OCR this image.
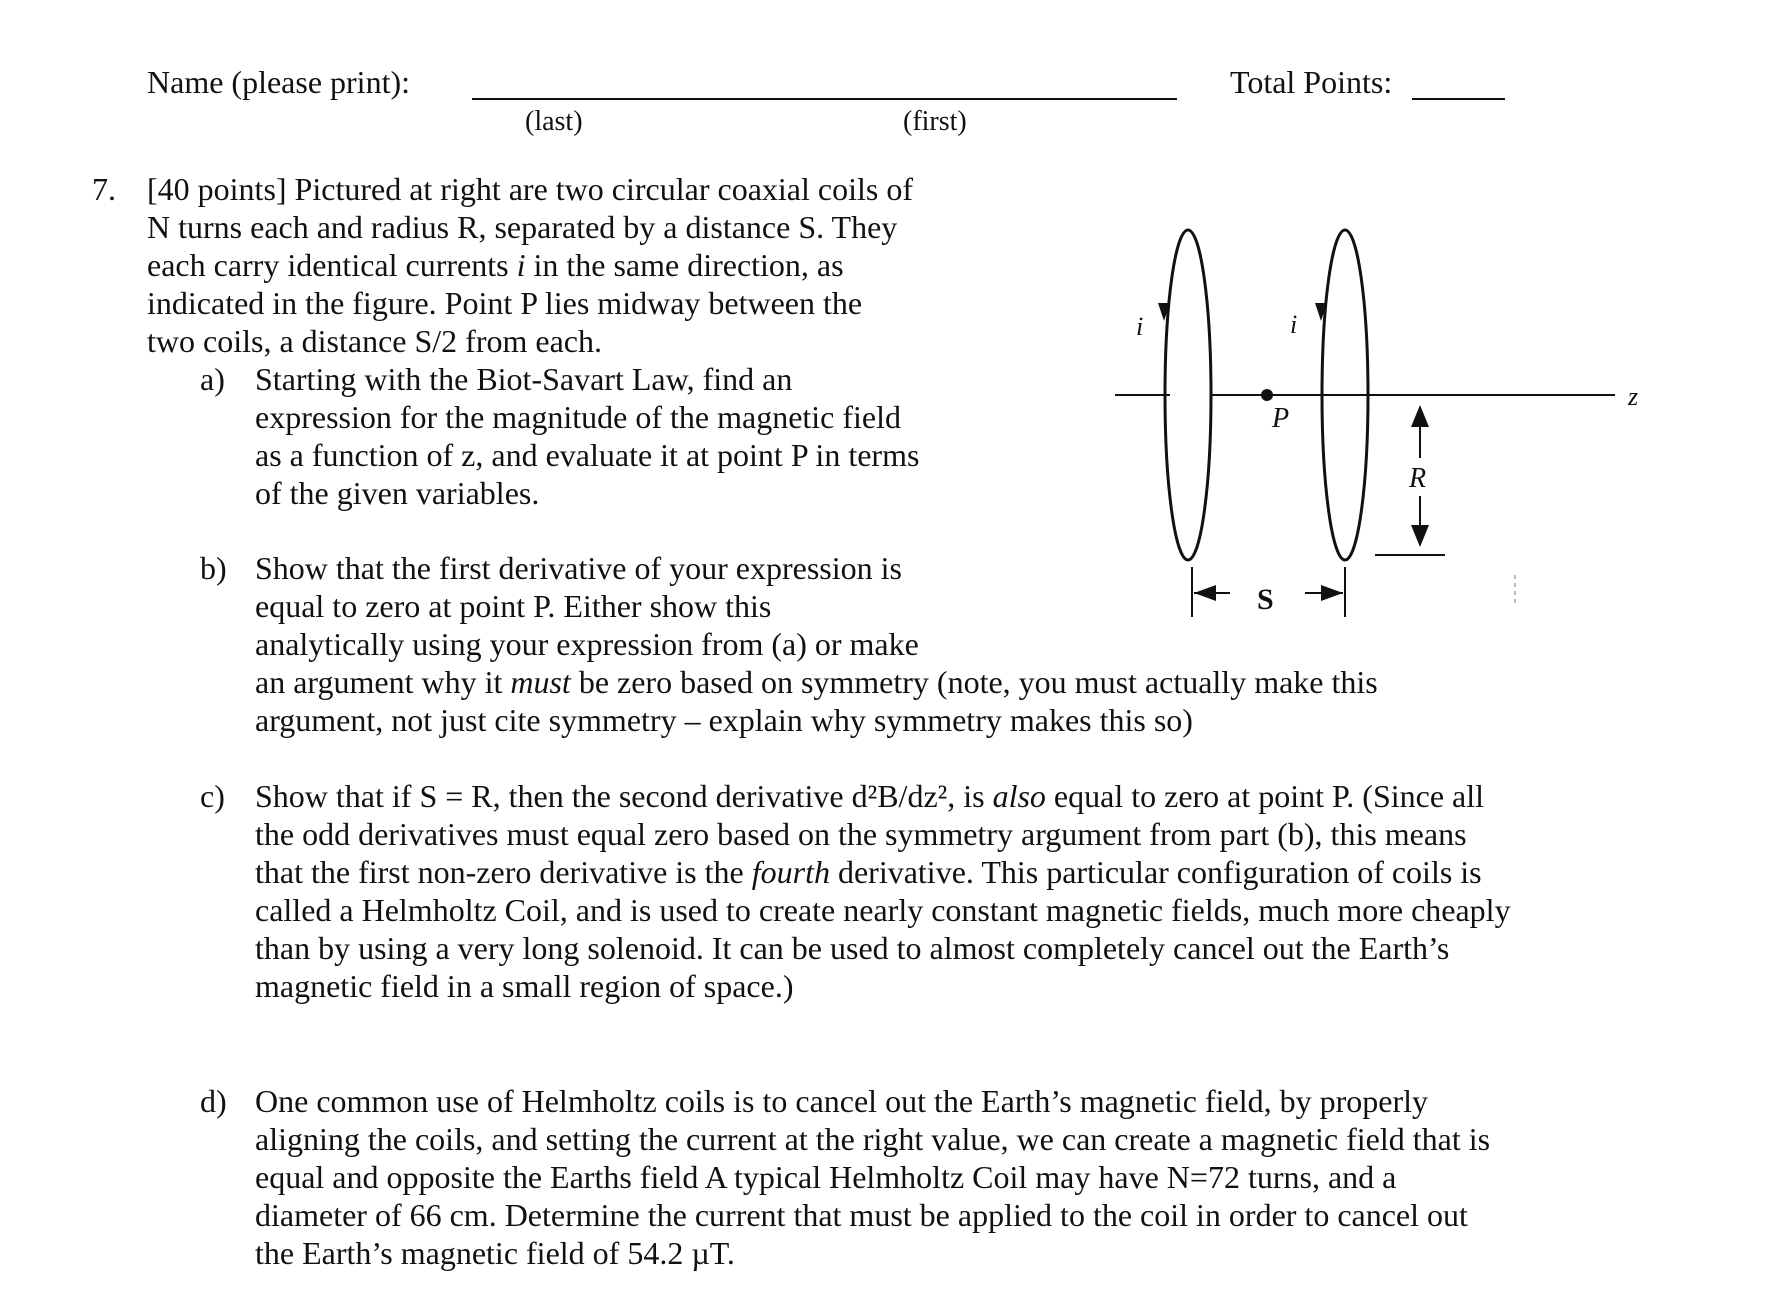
Name (please print):
(last)	(first)
Total Points:
7. [40 points] Pictured at right are two circular coaxial coils of
N turns each and radius R, separated by a distance S. They
each carry identical currents i in the same direction, as
indicated in the figure. Point P lies midway between the
two coils, a distance S/2 from each.
a) Starting with the Biot-Savart Law, find an
expression for the magnitude of the magnetic field
as a function of z, and evaluate it at point P in terms
of the given variables.
b) Show that the first derivative of your expression is
equal to zero at point P. Either show this
analytically using your expression from (a) or make
an argument why it must be zero based on symmetry (note, you must actually make this
argument, not just cite symmetry – explain why symmetry makes this so)
c) Show that if S = R, then the second derivative d²B/dz², is also equal to zero at point P. (Since all
the odd derivatives must equal zero based on the symmetry argument from part (b), this means
that the first non-zero derivative is the fourth derivative. This particular configuration of coils is
called a Helmholtz Coil, and is used to create nearly constant magnetic fields, much more cheaply
than by using a very long solenoid. It can be used to almost completely cancel out the Earth’s
magnetic field in a small region of space.)
d) One common use of Helmholtz coils is to cancel out the Earth’s magnetic field, by properly
aligning the coils, and setting the current at the right value, we can create a magnetic field that is
equal and opposite the Earths field A typical Helmholtz Coil may have N=72 turns, and a
diameter of 66 cm. Determine the current that must be applied to the coil in order to cancel out
the Earth’s magnetic field of 54.2 µT.
i	i
P
z
R
S
